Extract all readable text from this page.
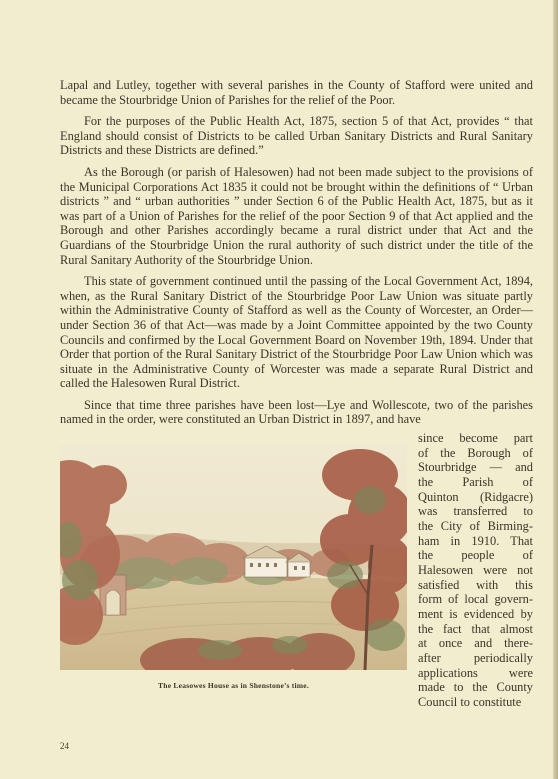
Lapal and Lutley, together with several parishes in the County of Stafford were united and became the Stourbridge Union of Parishes for the relief of the Poor.

For the purposes of the Public Health Act, 1875, section 5 of that Act, provides “ that England should consist of Districts to be called Urban Sanitary Districts and Rural Sanitary Districts and these Districts are defined.”

As the Borough (or parish of Halesowen) had not been made subject to the provisions of the Municipal Corporations Act 1835 it could not be brought within the definitions of “ Urban districts ” and “ urban authorities ” under Section 6 of the Public Health Act, 1875, but as it was part of a Union of Parishes for the relief of the poor Section 9 of that Act applied and the Borough and other Parishes accordingly became a rural district under that Act and the Guardians of the Stourbridge Union the rural authority of such district under the title of the Rural Sanitary Authority of the Stourbridge Union.

This state of government continued until the passing of the Local Government Act, 1894, when, as the Rural Sanitary District of the Stourbridge Poor Law Union was situate partly within the Administrative County of Stafford as well as the County of Worcester, an Order—under Section 36 of that Act—was made by a Joint Committee appointed by the two County Councils and confirmed by the Local Government Board on November 19th, 1894. Under that Order that portion of the Rural Sanitary District of the Stourbridge Poor Law Union which was situate in the Administrative County of Worcester was made a separate Rural District and called the Halesowen Rural District.

Since that time three parishes have been lost—Lye and Wollescote, two of the parishes named in the order, were constituted an Urban District in 1897, and have

since become part
of the Borough of
Stourbridge — and
the Parish of
Quinton (Ridgacre)
was transferred to
the City of Birming-
ham in 1910. That
the people of
Halesowen were not
satisfied with this
form of local govern-
ment is evidenced by
the fact that almost
at once and there-
after periodically
applications were
made to the County
Council to constitute
The Leasowes House as in Shenstone’s time.
24
